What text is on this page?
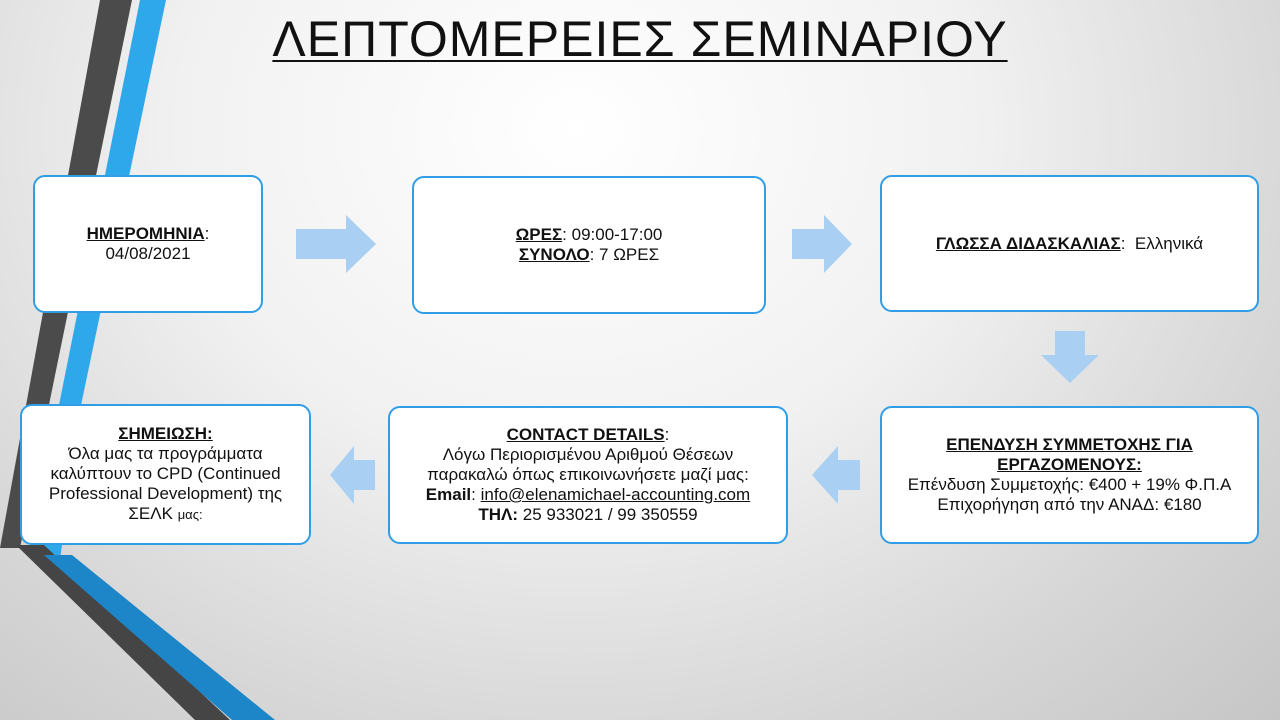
ΛΕΠΤΟΜΕΡΕΙΕΣ ΣΕΜΙΝΑΡΙΟΥ
ΗΜΕΡΟΜΗΝΙΑ:
04/08/2021
ΩΡΕΣ: 09:00-17:00
ΣΥΝΟΛΟ: 7 ΩΡΕΣ
ΓΛΩΣΣΑ ΔΙΔΑΣΚΑΛΙΑΣ:  Ελληνικά
ΣΗΜΕΙΩΣΗ:
Όλα μας τα προγράμματα
καλύπτουν το CPD (Continued
Professional Development) της
ΣΕΛΚ μας:
CONTACT DETAILS:
Λόγω Περιορισμένου Αριθμού Θέσεων
παρακαλώ όπως επικοινωνήσετε μαζί μας:
Email: info@elenamichael-accounting.com
ΤΗΛ: 25 933021 / 99 350559
ΕΠΕΝΔΥΣΗ ΣΥΜΜΕΤΟΧΗΣ ΓΙΑ ΕΡΓΑΖΟΜΕΝΟΥΣ:
Επένδυση Συμμετοχής: €400 + 19% Φ.Π.Α
Επιχορήγηση από την ΑΝΑΔ: €180
